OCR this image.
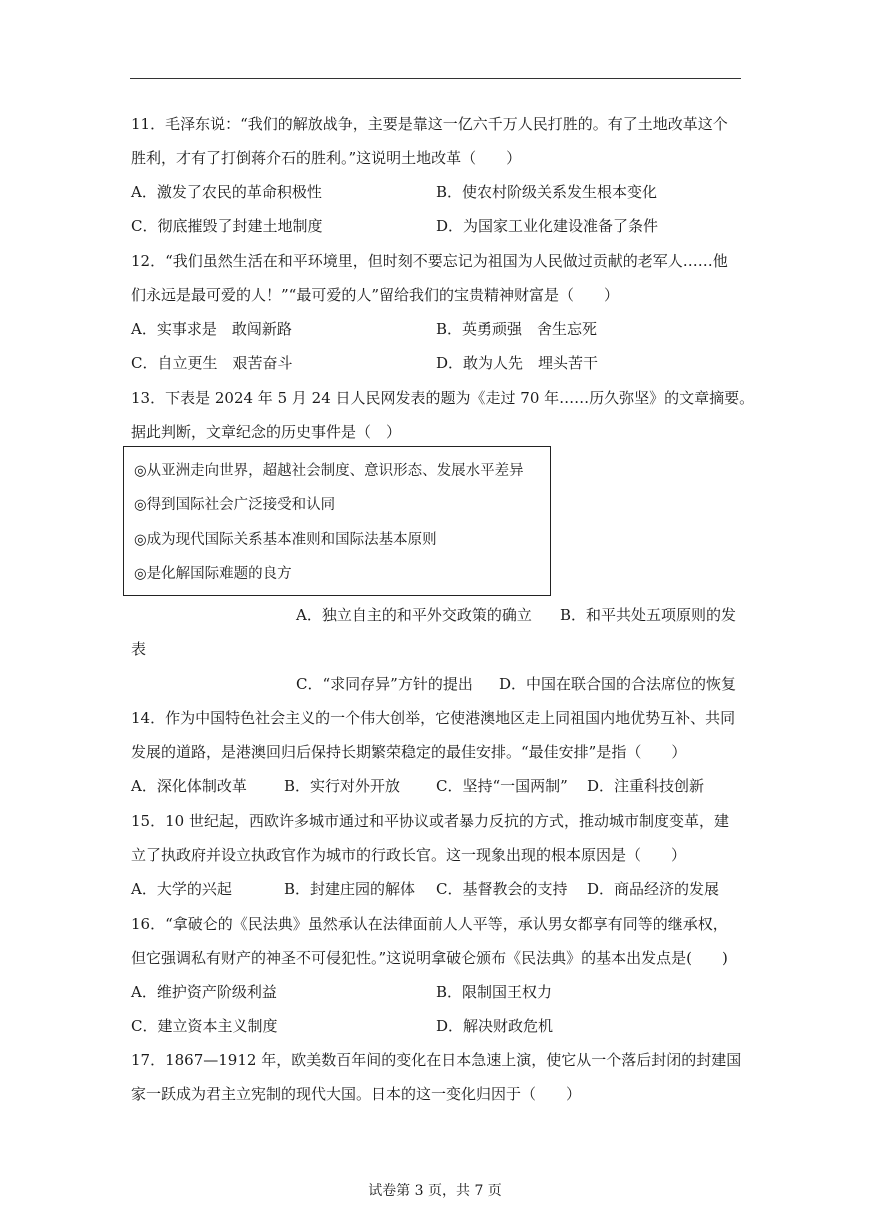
11．毛泽东说：“我们的解放战争，主要是靠这一亿六千万人民打胜的。有了土地改革这个
胜利，才有了打倒蒋介石的胜利。”这说明土地改革（　　）
A．激发了农民的革命积极性	B．使农村阶级关系发生根本变化
C．彻底摧毁了封建土地制度	D．为国家工业化建设准备了条件
12．“我们虽然生活在和平环境里，但时刻不要忘记为祖国为人民做过贡献的老军人……他
们永远是最可爱的人！”“最可爱的人”留给我们的宝贵精神财富是（　　）
A．实事求是　敢闯新路	B．英勇顽强　舍生忘死
C．自立更生　艰苦奋斗	D．敢为人先　埋头苦干
13．下表是 2024 年 5 月 24 日人民网发表的题为《走过 70 年……历久弥坚》的文章摘要。
据此判断，文章纪念的历史事件是（　）
◎从亚洲走向世界，超越社会制度、意识形态、发展水平差异
◎得到国际社会广泛接受和认同
◎成为现代国际关系基本准则和国际法基本原则
◎是化解国际难题的良方
A．独立自主的和平外交政策的确立 B．和平共处五项原则的发
表
C．“求同存异”方针的提出 D．中国在联合国的合法席位的恢复
14．作为中国特色社会主义的一个伟大创举，它使港澳地区走上同祖国内地优势互补、共同
发展的道路，是港澳回归后保持长期繁荣稳定的最佳安排。“最佳安排”是指（　　）
A．深化体制改革 B．实行对外开放 C．坚持“一国两制” D．注重科技创新
15．10 世纪起，西欧许多城市通过和平协议或者暴力反抗的方式，推动城市制度变革，建
立了执政府并设立执政官作为城市的行政长官。这一现象出现的根本原因是（　　）
A．大学的兴起	B．封建庄园的解体 C．基督教会的支持 D．商品经济的发展
16．“拿破仑的《民法典》虽然承认在法律面前人人平等，承认男女都享有同等的继承权，
但它强调私有财产的神圣不可侵犯性。”这说明拿破仑颁布《民法典》的基本出发点是(　　)
A．维护资产阶级利益	B．限制国王权力
C．建立资本主义制度	D．解决财政危机
17．1867—1912 年，欧美数百年间的变化在日本急速上演，使它从一个落后封闭的封建国
家一跃成为君主立宪制的现代大国。日本的这一变化归因于（　　）
试卷第 3 页，共 7 页
